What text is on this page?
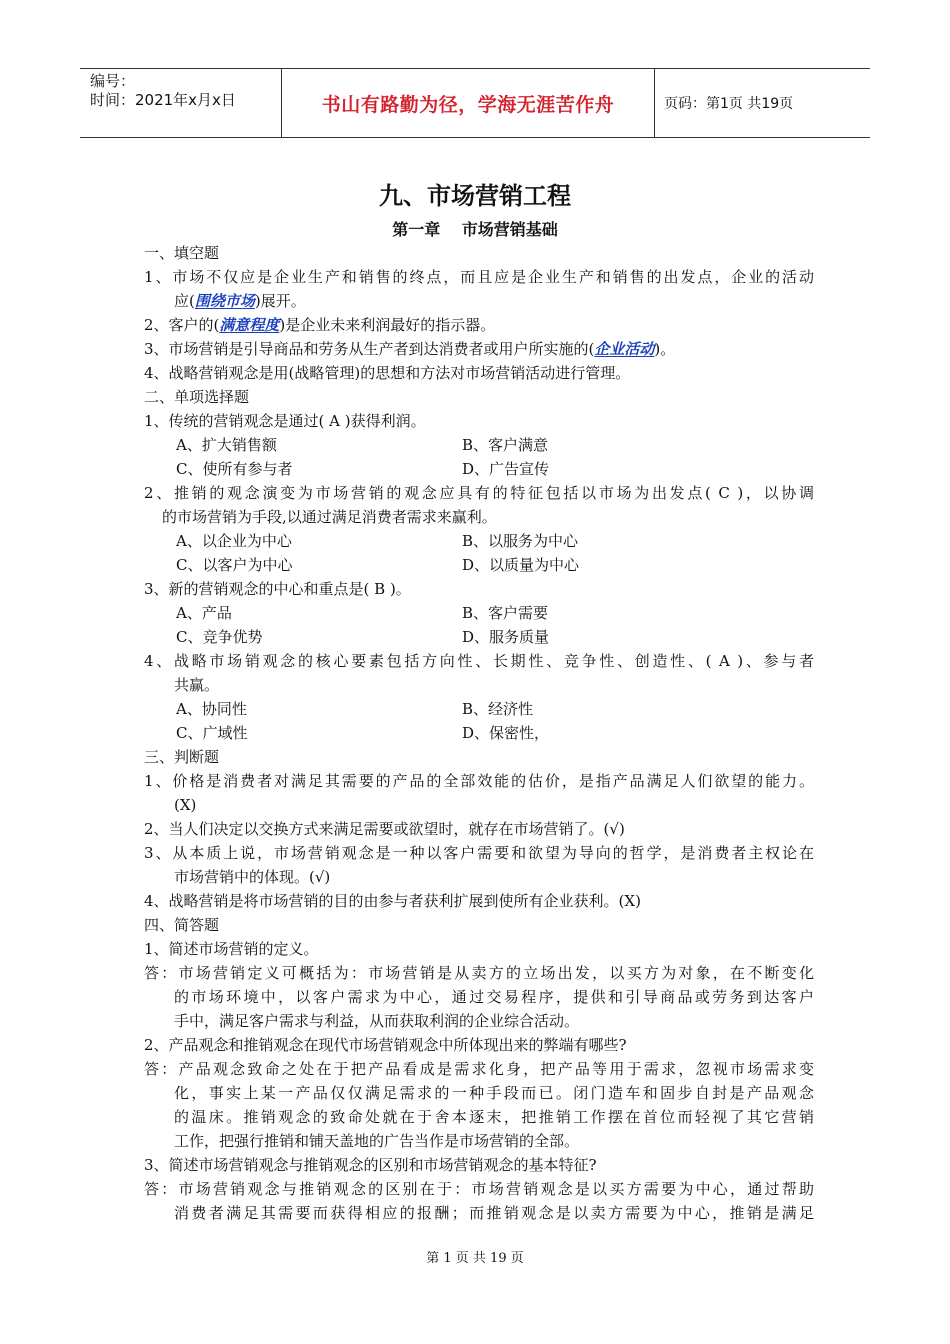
编号：
时间：2021年x月x日	书山有路勤为径，学海无涯苦作舟	页码：第1页 共19页
九、市场营销工程
第一章 市场营销基础
一、填空题
1、市场不仅应是企业生产和销售的终点，而且应是企业生产和销售的出发点，企业的活动
应(围绕市场)展开。
2、客户的(满意程度)是企业未来利润最好的指示器。
3、市场营销是引导商品和劳务从生产者到达消费者或用户所实施的(企业活动)。
4、战略营销观念是用(战略管理)的思想和方法对市场营销活动进行管理。
二、单项选择题
1、传统的营销观念是通过( A )获得利润。
A、扩大销售额	B、客户满意
C、使所有参与者	D、广告宣传
2、推销的观念演变为市场营销的观念应具有的特征包括以市场为出发点( C )，以协调
的市场营销为手段,以通过满足消费者需求来赢利。
A、以企业为中心	B、以服务为中心
C、以客户为中心	D、以质量为中心
3、新的营销观念的中心和重点是( B )。
A、产品	B、客户需要
C、竞争优势	D、服务质量
4、战略市场销观念的核心要素包括方向性、长期性、竞争性、创造性、( A )、参与者
共赢。
A、协同性	B、经济性
C、广域性	D、保密性，
三、判断题
1、价格是消费者对满足其需要的产品的全部效能的估价，是指产品满足人们欲望的能力。
(X)
2、当人们决定以交换方式来满足需要或欲望时，就存在市场营销了。(√)
3、从本质上说，市场营销观念是一种以客户需要和欲望为导向的哲学，是消费者主权论在
市场营销中的体现。(√)
4、战略营销是将市场营销的目的由参与者获利扩展到使所有企业获利。(X)
四、简答题
1、简述市场营销的定义。
答：市场营销定义可概括为：市场营销是从卖方的立场出发，以买方为对象，在不断变化
的市场环境中，以客户需求为中心，通过交易程序，提供和引导商品或劳务到达客户
手中，满足客户需求与利益，从而获取利润的企业综合活动。
2、产品观念和推销观念在现代市场营销观念中所体现出来的弊端有哪些?
答：产品观念致命之处在于把产品看成是需求化身，把产品等用于需求，忽视市场需求变
化，事实上某一产品仅仅满足需求的一种手段而已。闭门造车和固步自封是产品观念
的温床。推销观念的致命处就在于舍本逐末，把推销工作摆在首位而轻视了其它营销
工作，把强行推销和铺天盖地的广告当作是市场营销的全部。
3、简述市场营销观念与推销观念的区别和市场营销观念的基本特征?
答：市场营销观念与推销观念的区别在于：市场营销观念是以买方需要为中心，通过帮助
消费者满足其需要而获得相应的报酬；而推销观念是以卖方需要为中心，推销是满足
第 1 页 共 19 页
